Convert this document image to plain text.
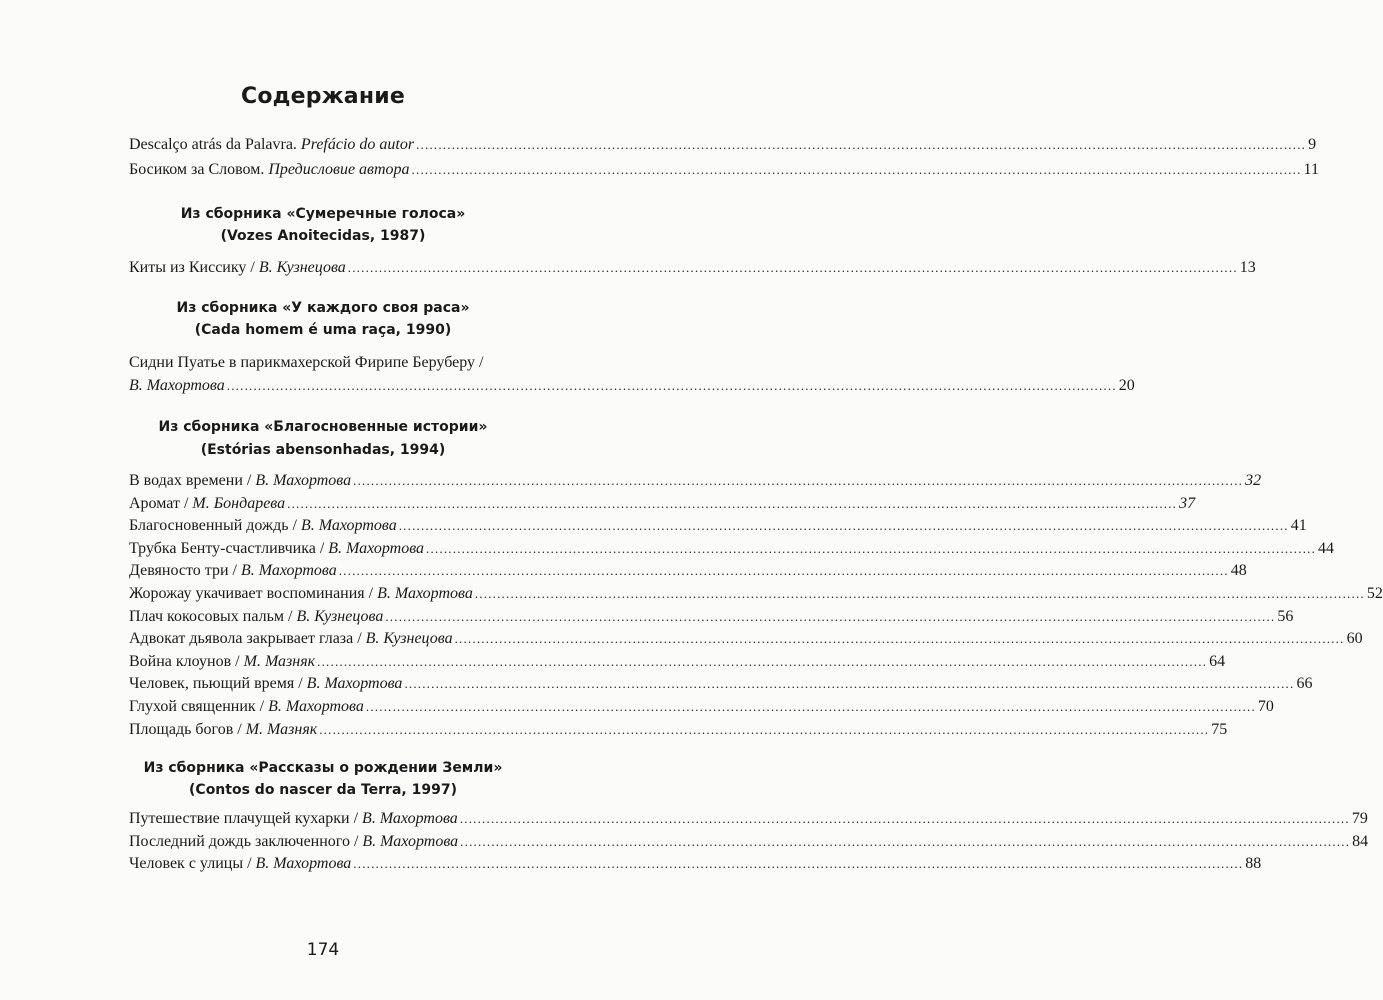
Содержание
Descalço atrás da Palavra. Prefácio do autor ........................................................................................................................................................................................................ 9
Босиком за Словом. Предисловие автора ........................................................................................................................................................................................................ 11
Из сборника «Сумеречные голоса»
(Vozes Anoitecidas, 1987)
Киты из Киссику / В. Кузнецова ........................................................................................................................................................................................................ 13
Из сборника «У каждого своя раса»
(Cada homem é uma raça, 1990)
Сидни Пуатье в парикмахерской Фирипе Беруберу /
В. Махортова ........................................................................................................................................................................................................ 20
Из сборника «Благосновенные истории»
(Estórias abensonhadas, 1994)
В водах времени / В. Махортова ........................................................................................................................................................................................................ 32
Аромат / М. Бондарева ........................................................................................................................................................................................................ 37
Благосновенный дождь / В. Махортова ........................................................................................................................................................................................................ 41
Трубка Бенту-счастливчика / В. Махортова ........................................................................................................................................................................................................ 44
Девяносто три / В. Махортова ........................................................................................................................................................................................................ 48
Жорожау укачивает воспоминания / В. Махортова ........................................................................................................................................................................................................ 52
Плач кокосовых пальм / В. Кузнецова ........................................................................................................................................................................................................ 56
Адвокат дьявола закрывает глаза / В. Кузнецова ........................................................................................................................................................................................................ 60
Война клоунов / М. Мазняк ........................................................................................................................................................................................................ 64
Человек, пьющий время / В. Махортова ........................................................................................................................................................................................................ 66
Глухой священник / В. Махортова ........................................................................................................................................................................................................ 70
Площадь богов / М. Мазняк ........................................................................................................................................................................................................ 75
Из сборника «Рассказы о рождении Земли»
(Contos do nascer da Terra, 1997)
Путешествие плачущей кухарки / В. Махортова ........................................................................................................................................................................................................ 79
Последний дождь заключенного / В. Махортова ........................................................................................................................................................................................................ 84
Человек с улицы / В. Махортова ........................................................................................................................................................................................................ 88
174
